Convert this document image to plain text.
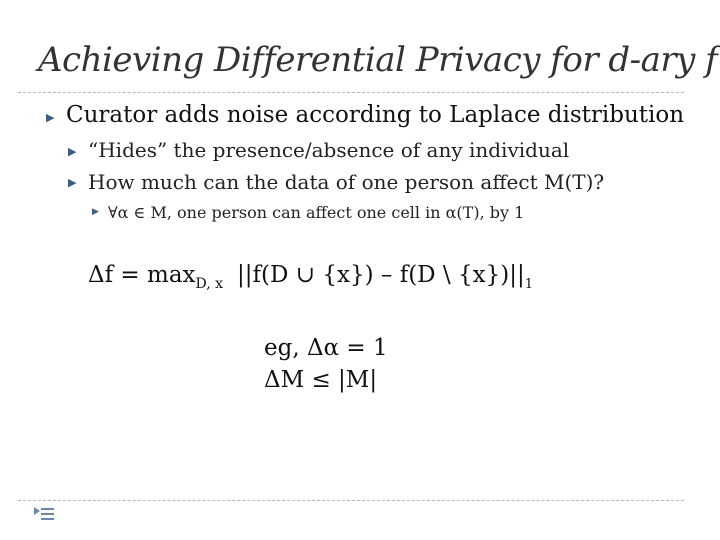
Achieving Differential Privacy for d-ary f
▶ Curator adds noise according to Laplace distribution
▶ “Hides” the presence/absence of any individual
▶ How much can the data of one person affect M(T)?
▶ ∀α ∈ M, one person can affect one cell in α(T), by 1
$\Delta f = \max_{D, x} ||f(D$ ∪ {x}) – f(D \ $\{x\})||_1$
eg, Δα = 1
ΔM ≤ |M|
